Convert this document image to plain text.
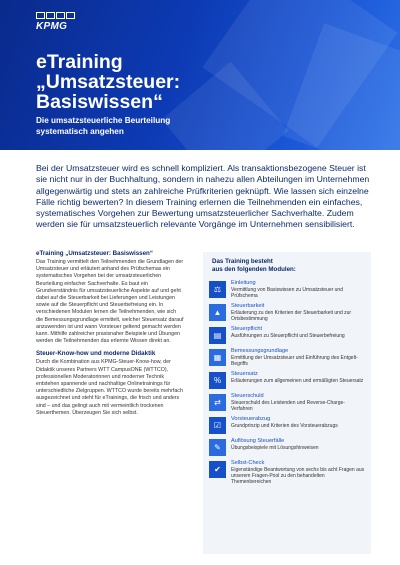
KPMG
eTraining
„Umsatzsteuer:
Basiswissen“
Die umsatzsteuerliche Beurteilung
systematisch angehen
Bei der Umsatzsteuer wird es schnell kompliziert. Als transaktionsbezogene Steuer ist sie nicht nur in der Buchhaltung, sondern in nahezu allen Abteilungen im Unternehmen allgegenwärtig und stets an zahlreiche Prüfkriterien geknüpft. Wie lassen sich einzelne Fälle richtig bewerten? In diesem Training erlernen die Teilnehmenden ein einfaches, systematisches Vorgehen zur Bewertung umsatzsteuerlicher Sachverhalte. Zudem werden sie für umsatzsteuerlich relevante Vorgänge im Unternehmen sensibilisiert.
eTraining „Umsatzsteuer: Basiswissen“

Das Training vermittelt den Teilnehmenden die Grundlagen der Umsatzsteuer und erläutert anhand des Prüfschemas ein systematisches Vorgehen bei der umsatzsteuerlichen Beurteilung einfacher Sachverhalte. Es baut ein Grundverständnis für umsatzsteuerliche Aspekte auf und geht dabei auf die Steuerbarkeit bei Lieferungen und Leistungen sowie auf die Steuerpflicht und Steuerbefreiung ein. In verschiedenen Modulen lernen die Teilnehmenden, wie sich die Bemessungsgrundlage ermittelt, welcher Steuersatz darauf anzuwenden ist und wann Vorsteuer geltend gemacht werden kann. Mithilfe zahlreicher praxisnaher Beispiele und Übungen werden die Teilnehmenden das erlernte Wissen direkt an.

Steuer-Know-how und moderne Didaktik

Durch die Kombination aus KPMG-Steuer-Know-how, der Didaktik unseres Partners WTT CampusONE (WTTCO), professionellen Moderatorinnen und moderner Technik entstehen spannende und nachhaltige Onlinetrainings für unterschiedliche Zielgruppen. WTTCO wurde bereits mehrfach ausgezeichnet und steht für eTrainings, die frisch und anders sind – und das gelingt auch mit vermeintlich trockenen Steuerthemen. Überzeugen Sie sich selbst.

Das Training besteht
aus den folgenden Modulen:
⚖
Einleitung
Vermittlung von Basiswissen zu Umsatzsteuer und Prüfschema
▲
Steuerbarkeit
Erläuterung zu den Kriterien der Steuerbarkeit und zur Ortsbestimmung
▤
Steuerpflicht
Ausführungen zu Steuerpflicht und Steuerbefreiung
▦
Bemessungsgrundlage
Ermittlung der Umsatzsteuer und Einführung des Entgelt-Begriffs
%
Steuersatz
Erläuterungen zum allgemeinen und ermäßigten Steuersatz
⇄
Steuerschuld
Steuerschuld des Leistenden und Reverse-Charge-Verfahren
☑
Vorsteuerabzug
Grundprinzip und Kriterien des Vorsteuerabzugs
✎
Auflösung Steuerfälle
Übungsbeispiele mit Lösungshinweisen
✔
Selbst-Check
Eigenständige Beantwortung von sechs bis acht Fragen aus unserem Fragen-Pool zu den behandelten Themenbereichen
